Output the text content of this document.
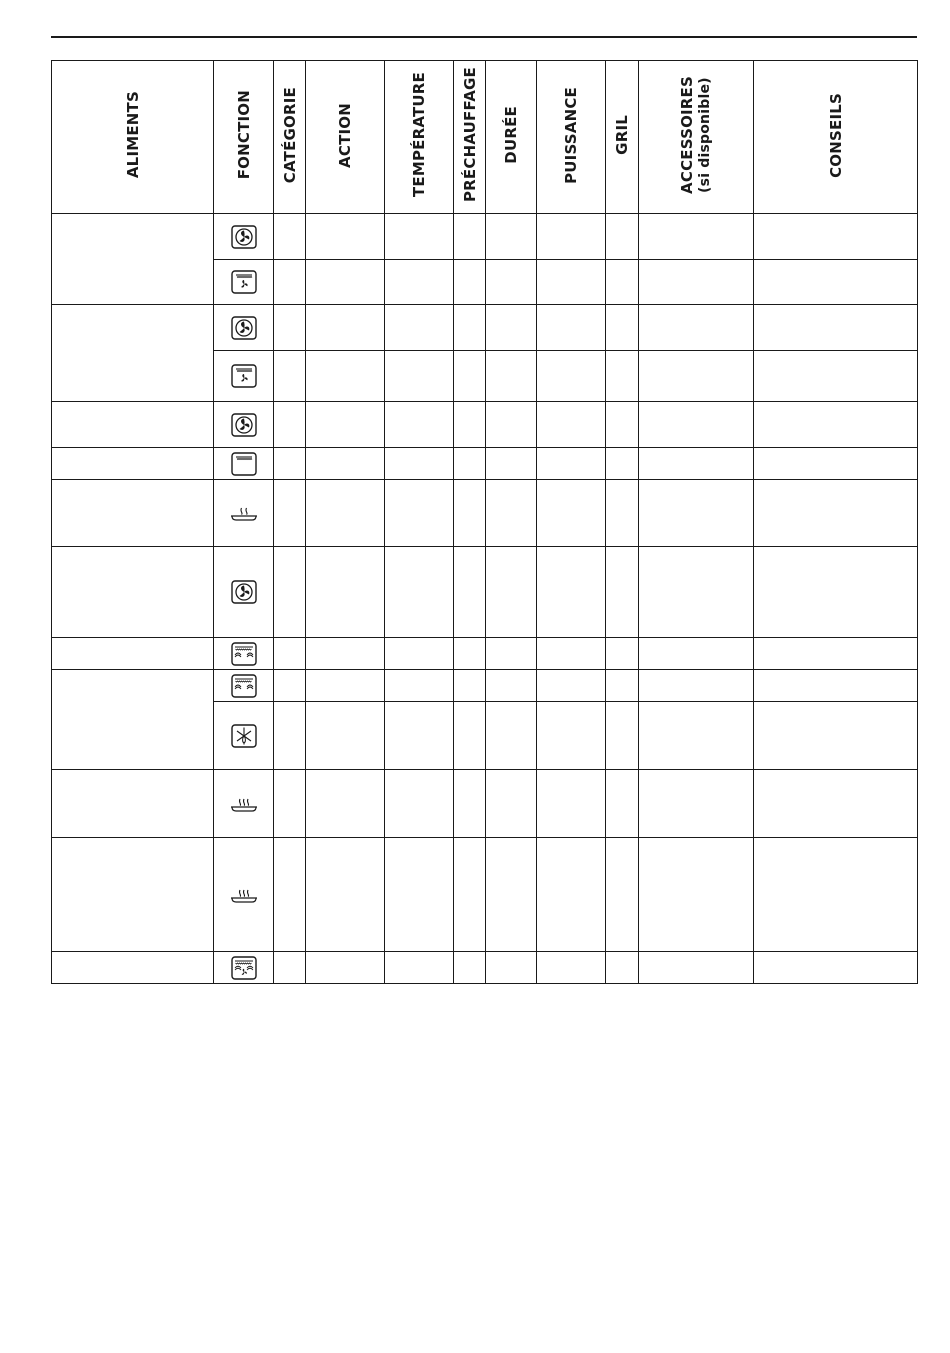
ALIMENTS	FONCTION	CATÉGORIE	ACTION	TEMPÉRATURE	PRÉCHAUFFAGE	DURÉE	PUISSANCE	GRIL	ACCESSOIRES (si disponible)	CONSEILS
